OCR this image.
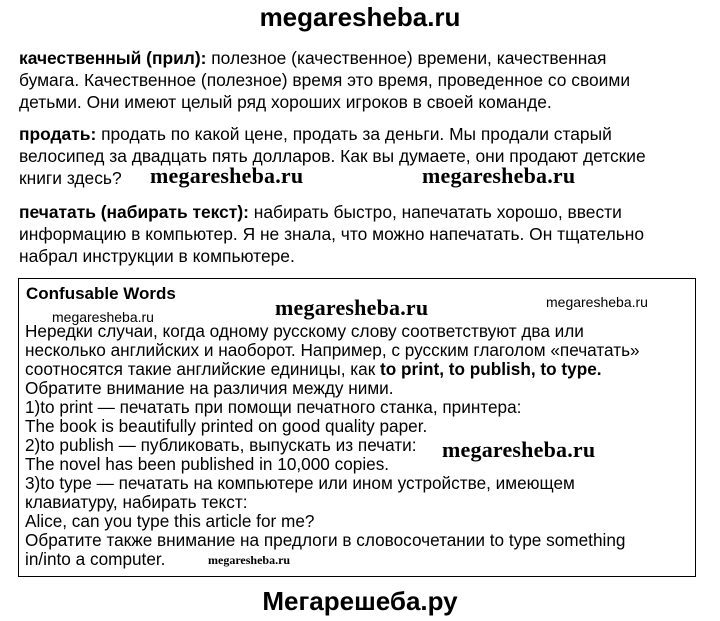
megaresheba.ru
качественный (прил): полезное (качественное) времени, качественная
бумага. Качественное (полезное) время это время, проведенное со своими
детьми. Они имеют целый ряд хороших игроков в своей команде.
продать: продать по какой цене, продать за деньги. Мы продали старый
велосипед за двадцать пять долларов. Как вы думаете, они продают детские
книги здесь?
печатать (набирать текст): набирать быстро, напечатать хорошо, ввести
информацию в компьютер. Я не знала, что можно напечатать. Он тщательно
набрал инструкции в компьютере.
Confusable Words
Нередки случаи, когда одному русскому слову соответствуют два или
несколько английских и наоборот. Например, с русским глаголом «печатать»
соотносятся такие английские единицы, как to print, to publish, to type.
Обратите внимание на различия между ними.
1)to print — печатать при помощи печатного станка, принтера:
The book is beautifully printed on good quality paper.
2)to publish — публиковать, выпускать из печати:
The novel has been published in 10,000 copies.
3)to type — печатать на компьютере или ином устройстве, имеющем
клавиатуру, набирать текст:
Alice, can you type this article for me?
Обратите также внимание на предлоги в словосочетании to type something
in/into a computer.
megaresheba.ru	megaresheba.ru
megaresheba.ru	megaresheba.ru
megaresheba.ru
megaresheba.ru
megaresheba.ru
Мегарешеба.ру
